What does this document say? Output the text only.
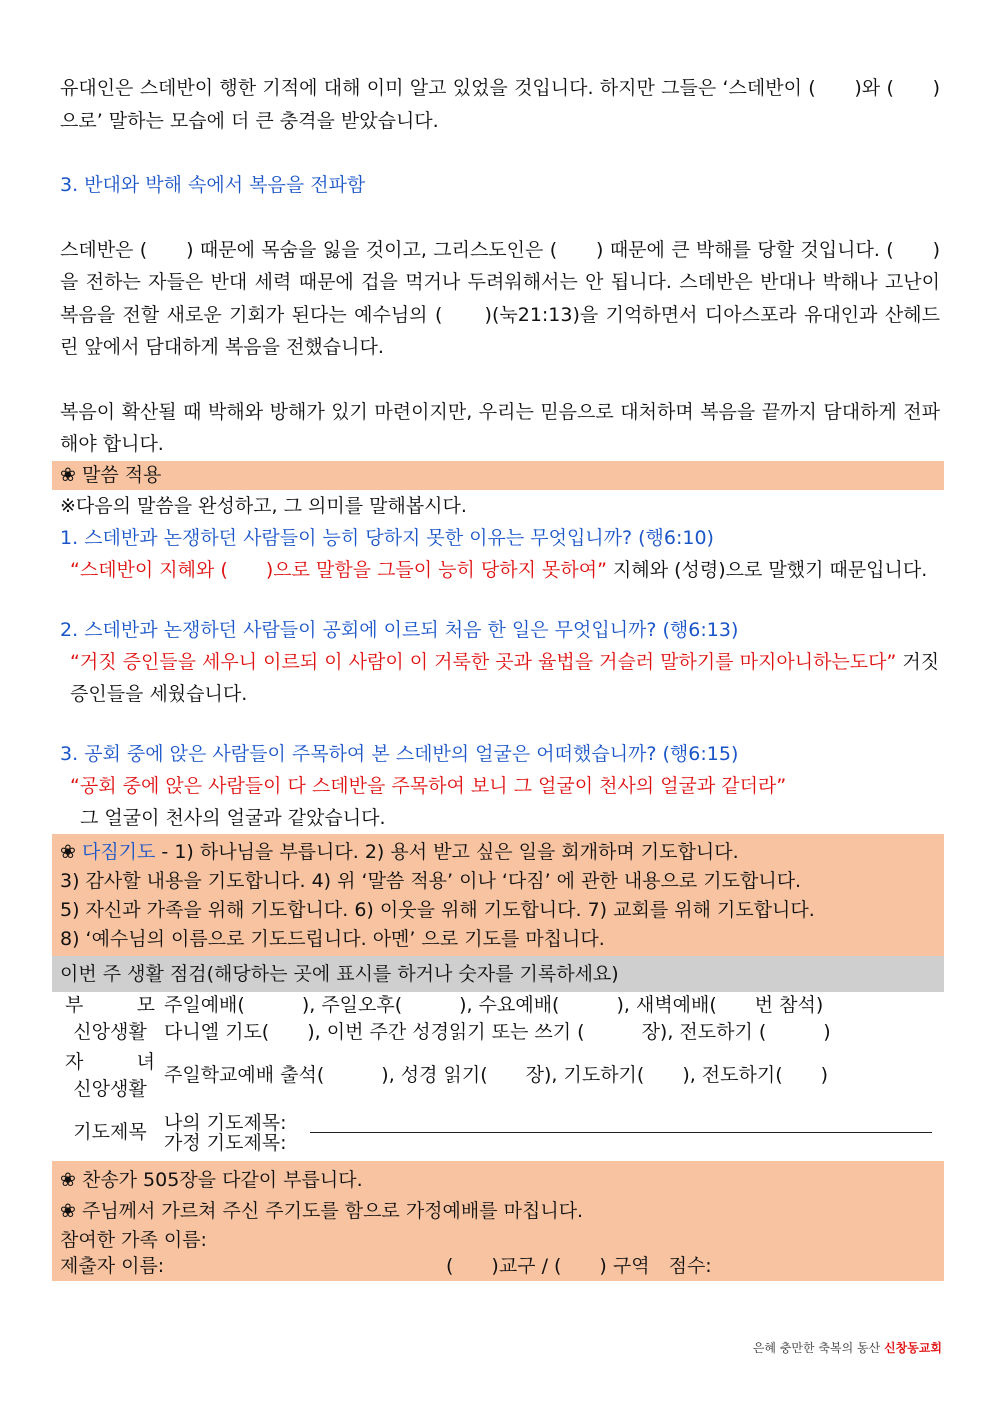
유대인은 스데반이 행한 기적에 대해 이미 알고 있었을 것입니다. 하지만 그들은 ‘스데반이 (　　)와 (　　)으로’ 말하는 모습에 더 큰 충격을 받았습니다.

3. 반대와 박해 속에서 복음을 전파함

스데반은 (　　) 때문에 목숨을 잃을 것이고, 그리스도인은 (　　) 때문에 큰 박해를 당할 것입니다. (　　)을 전하는 자들은 반대 세력 때문에 겁을 먹거나 두려워해서는 안 됩니다. 스데반은 반대나 박해나 고난이 복음을 전할 새로운 기회가 된다는 예수님의 (　　)(눅21:13)을 기억하면서 디아스포라 유대인과 산헤드린 앞에서 담대하게 복음을 전했습니다.

복음이 확산될 때 박해와 방해가 있기 마련이지만, 우리는 믿음으로 대처하며 복음을 끝까지 담대하게 전파해야 합니다.

❀ 말씀 적용

※다음의 말씀을 완성하고, 그 의미를 말해봅시다.

1. 스데반과 논쟁하던 사람들이 능히 당하지 못한 이유는 무엇입니까? (행6:10)

“스데반이 지혜와 (　　)으로 말함을 그들이 능히 당하지 못하여” 지혜와 (성령)으로 말했기 때문입니다.

2. 스데반과 논쟁하던 사람들이 공회에 이르되 처음 한 일은 무엇입니까? (행6:13)

“거짓 증인들을 세우니 이르되 이 사람이 이 거룩한 곳과 율법을 거슬러 말하기를 마지아니하는도다” 거짓 증인들을 세웠습니다.

3. 공회 중에 앉은 사람들이 주목하여 본 스데반의 얼굴은 어떠했습니까? (행6:15)

“공회 중에 앉은 사람들이 다 스데반을 주목하여 보니 그 얼굴이 천사의 얼굴과 같더라”

그 얼굴이 천사의 얼굴과 같았습니다.

❀ 다짐기도 - 1) 하나님을 부릅니다. 2) 용서 받고 싶은 일을 회개하며 기도합니다.
3) 감사할 내용을 기도합니다. 4) 위 ‘말씀 적용’ 이나 ‘다짐’ 에 관한 내용으로 기도합니다.
5) 자신과 가족을 위해 기도합니다. 6) 이웃을 위해 기도합니다. 7) 교회를 위해 기도합니다.
8) ‘예수님의 이름으로 기도드립니다. 아멘’ 으로 기도를 마칩니다.
이번 주 생활 점검(해당하는 곳에 표시를 하거나 숫자를 기록하세요)
부 모	주일예배(　　　), 주일오후(　　　), 수요예배(　　　), 새벽예배(　　번 참석)
신앙생활	다니엘 기도(　　), 이번 주간 성경읽기 또는 쓰기 (　　　장), 전도하기 (　　　)

자 녀
신앙생활	주일학교예배 출석(　　　), 성경 읽기(　　장), 기도하기(　　), 전도하기(　　)
기도제목	나의 기도제목:
가정 기도제목:
❀ 찬송가 505장을 다같이 부릅니다.
❀ 주님께서 가르쳐 주신 주기도를 함으로 가정예배를 마칩니다.
참여한 가족 이름:
제출자 이름:	(　　)교구 / (　　) 구역　점수:
은혜 충만한 축복의 동산 신창동교회
